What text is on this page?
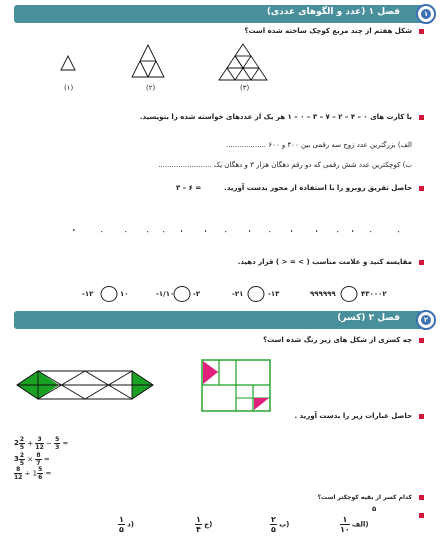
فصل ۱ (عدد و الگوهای عددی)	۱
شکل هفتم از چند مربع کوچک ساخته شده است؟
(۱)	(۲)	(۳)
با کارت های ۰ – ۴ – ۲ – ۷ – ۳ – ۰ – ۱ هر یک از عددهای خواسته شده را بنویسید.
الف) بزرگترین عدد زوج سه رقمی بین ۴۰۰ و ۶۰۰ ..................
ب) کوچکترین عدد شش رقمی که دو رقم دهگان هزار ۳ و دهگان یک ........................
حاصل تفریق روبرو را با استفاده از محور بدست آورید.
۳ – ۶ =
مقایسه کنید و علامت مناسب ( > = < ) قرار دهید.
-۱۲	۱۰	-۱/۱۰	-۲	-۲۱	-۱۳	۹۹۹۹۹۹	۴۳۰۰۰۲
فصل ۲ (کسر)	۲
چه کسری از شکل های زیر رنگ شده است؟
حاصل عبارات زیر را بدست آورید .
$2 \frac{2}{5} + \frac{3}{12} - \frac{5}{3}$ =
$3 \frac{2}{5} \times \frac{8}{7}$ =
$\frac{8}{12} \div 1 \frac{5}{6}$ =
کدام کسر از بقیه کوچکتر است؟
۵
$\frac{۱}{۱۰}$ الف)
$\frac{۲}{۵}$ ب)
$\frac{۱}{۴}$ ج)
$\frac{۱}{۵}$ د)
